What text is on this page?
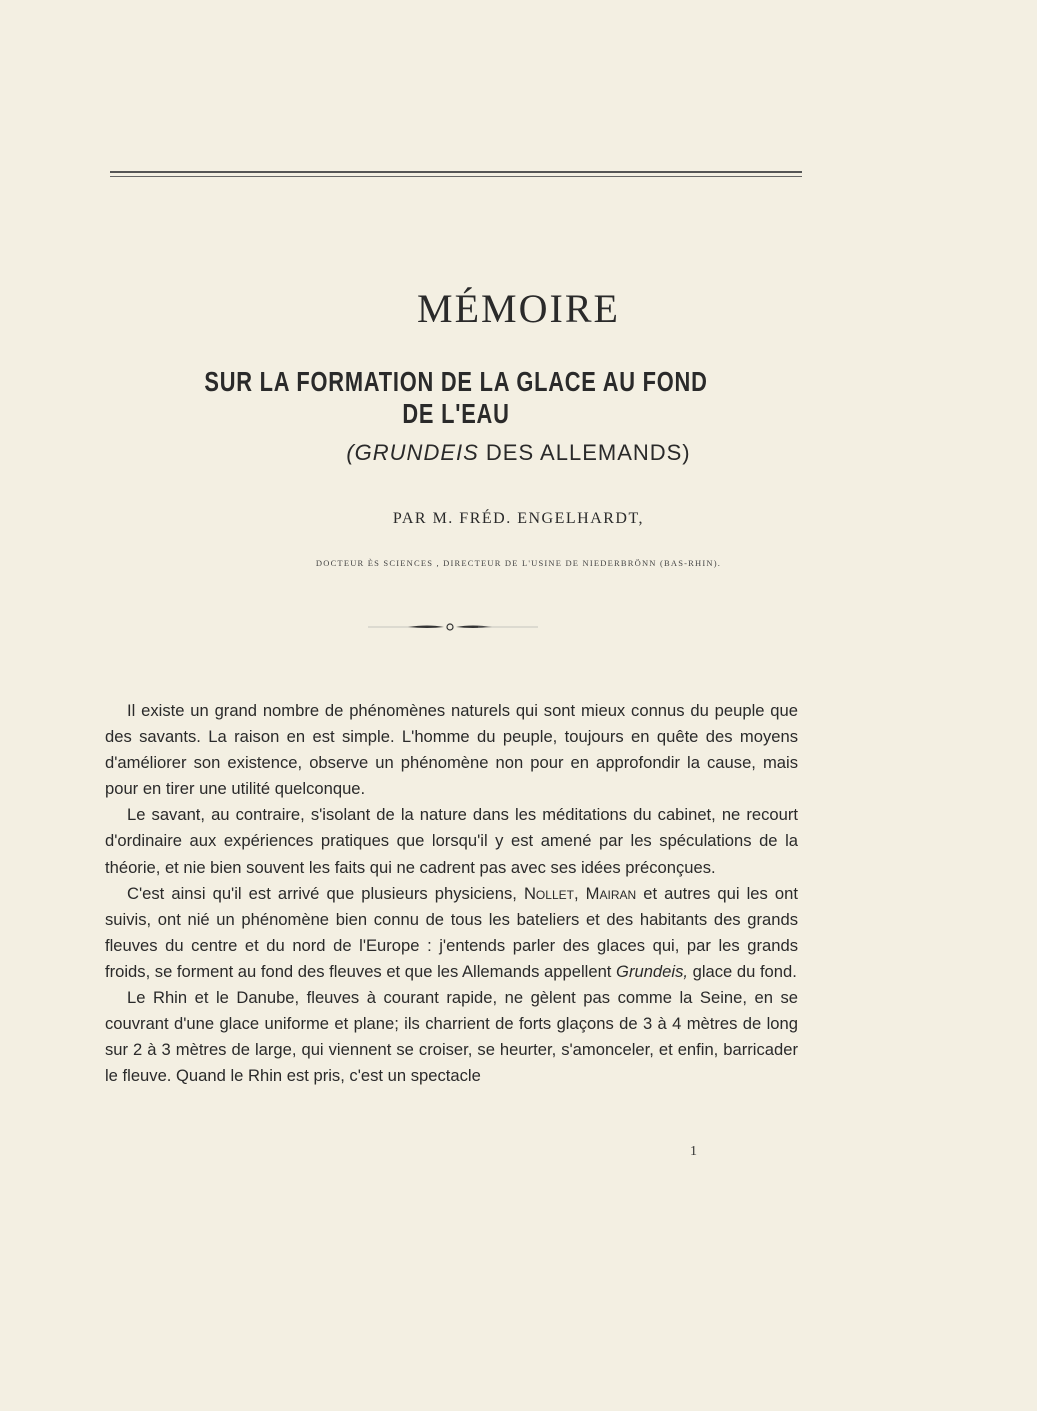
MÉMOIRE
SUR LA FORMATION DE LA GLACE AU FOND DE L'EAU
(GRUNDEIS DES ALLEMANDS)
PAR M. FRÉD. ENGELHARDT,
DOCTEUR ÈS SCIENCES , DIRECTEUR DE L'USINE DE NIEDERBRÖNN (BAS-RHIN).

Il existe un grand nombre de phénomènes naturels qui sont mieux connus du peuple que des savants. La raison en est simple. L'homme du peuple, toujours en quête des moyens d'améliorer son existence, observe un phénomène non pour en approfondir la cause, mais pour en tirer une utilité quelconque.

Le savant, au contraire, s'isolant de la nature dans les méditations du cabinet, ne recourt d'ordinaire aux expériences pratiques que lorsqu'il y est amené par les spéculations de la théorie, et nie bien souvent les faits qui ne cadrent pas avec ses idées préconçues.

C'est ainsi qu'il est arrivé que plusieurs physiciens, Nollet, Mairan et autres qui les ont suivis, ont nié un phénomène bien connu de tous les bateliers et des habitants des grands fleuves du centre et du nord de l'Europe : j'entends parler des glaces qui, par les grands froids, se forment au fond des fleuves et que les Allemands appellent Grundeis, glace du fond.

Le Rhin et le Danube, fleuves à courant rapide, ne gèlent pas comme la Seine, en se couvrant d'une glace uniforme et plane; ils charrient de forts glaçons de 3 à 4 mètres de long sur 2 à 3 mètres de large, qui viennent se croiser, se heurter, s'amonceler, et enfin, barricader le fleuve. Quand le Rhin est pris, c'est un spectacle

1
